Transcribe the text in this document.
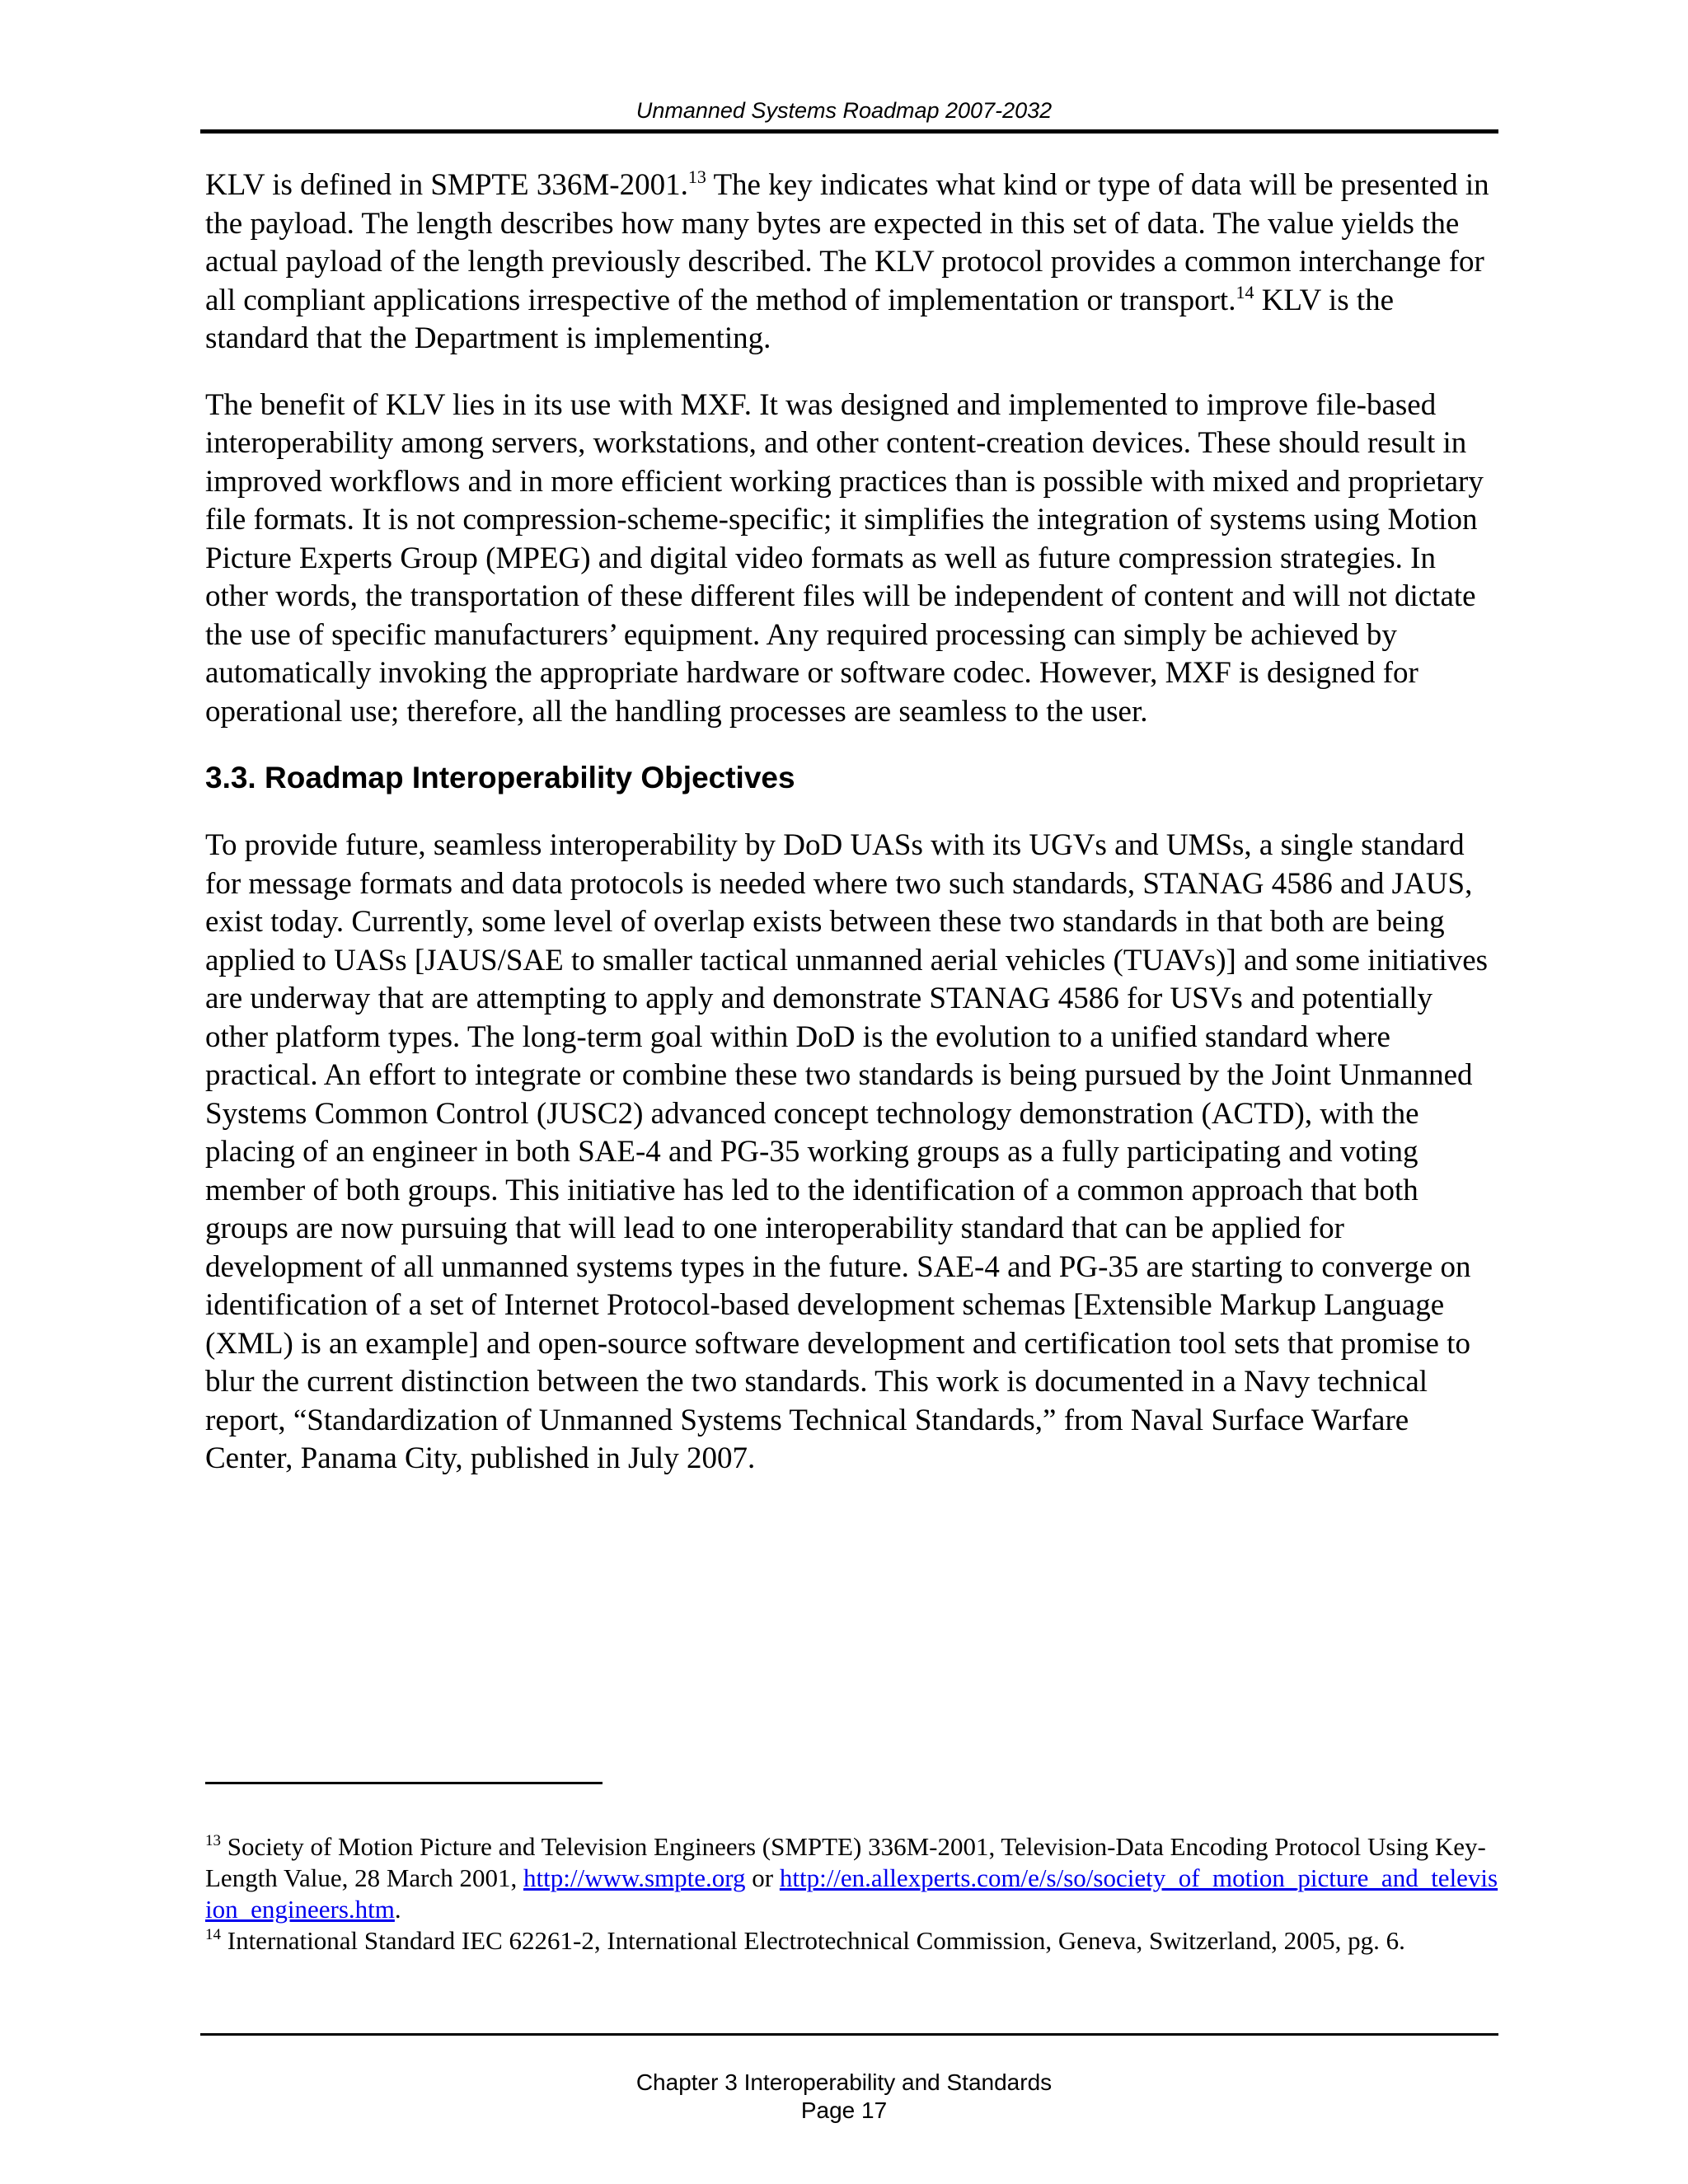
Unmanned Systems Roadmap 2007-2032

KLV is defined in SMPTE 336M-2001.13 The key indicates what kind or type of data will be presented in the payload. The length describes how many bytes are expected in this set of data. The value yields the actual payload of the length previously described. The KLV protocol provides a common interchange for all compliant applications irrespective of the method of implementation or transport.$^{14}$ KLV is the standard that the Department is implementing.

The benefit of KLV lies in its use with MXF. It was designed and implemented to improve file-based interoperability among servers, workstations, and other content-creation devices. These should result in improved workflows and in more efficient working practices than is possible with mixed and proprietary file formats. It is not compression-scheme-specific; it simplifies the integration of systems using Motion Picture Experts Group (MPEG) and digital video formats as well as future compression strategies. In other words, the transportation of these different files will be independent of content and will not dictate the use of specific manufacturers’ equipment. Any required processing can simply be achieved by automatically invoking the appropriate hardware or software codec. However, MXF is designed for operational use; therefore, all the handling processes are seamless to the user.

3.3. Roadmap Interoperability Objectives

To provide future, seamless interoperability by DoD UASs with its UGVs and UMSs, a single standard for message formats and data protocols is needed where two such standards, STANAG 4586 and JAUS, exist today. Currently, some level of overlap exists between these two standards in that both are being applied to UASs [JAUS/SAE to smaller tactical unmanned aerial vehicles (TUAVs)] and some initiatives are underway that are attempting to apply and demonstrate STANAG 4586 for USVs and potentially other platform types. The long-term goal within DoD is the evolution to a unified standard where practical. An effort to integrate or combine these two standards is being pursued by the Joint Unmanned Systems Common Control (JUSC2) advanced concept technology demonstration (ACTD), with the placing of an engineer in both SAE-4 and PG-35 working groups as a fully participating and voting member of both groups. This initiative has led to the identification of a common approach that both groups are now pursuing that will lead to one interoperability standard that can be applied for development of all unmanned systems types in the future. SAE-4 and PG-35 are starting to converge on identification of a set of Internet Protocol-based development schemas [Extensible Markup Language (XML) is an example] and open-source software development and certification tool sets that promise to blur the current distinction between the two standards. This work is documented in a Navy technical report, “Standardization of Unmanned Systems Technical Standards,” from Naval Surface Warfare Center, Panama City, published in July 2007.

$^{13}$ Society of Motion Picture and Television Engineers (SMPTE) 336M-2001, Television-Data Encoding Protocol Using Key-Length Value, 28 March 2001, http://www.smpte.org or http://en.allexperts.com/e/s/so/society_of_motion_picture_and_television_engineers.htm.

$^{14}$ International Standard IEC 62261-2, International Electrotechnical Commission, Geneva, Switzerland, 2005, pg. 6.

Chapter 3 Interoperability and Standards
Page 17
